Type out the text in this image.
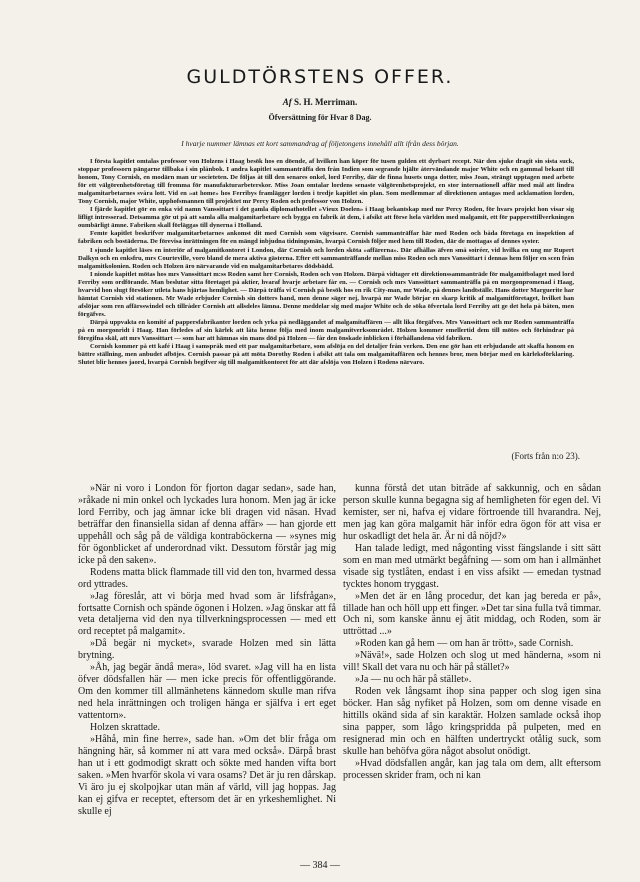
GULDTÖRSTENS OFFER.
Af S. H. Merriman.
Öfversättning för Hvar 8 Dag.
I hvarje nummer lämnas ett kort sammandrag af följetongens innehåll allt ifrån dess början.

I första kapitlet omtalas professor von Holzens i Haag besök hos en döende, af hvilken han köper för tusen gulden ett dyrbart recept. När den sjuke dragit sin sista suck, stoppar professorn pängarne tillbaka i sin plånbok. I andra kapitlet sammanträffa den från Indien som segrande hjälte återvändande major White och en gammal bekant till honom, Tony Cornish, en modärn man ur societeten. De följas åt till den senares onkel, lord Ferriby, där de finna husets unga dotter, miss Joan, strängt upptagen med arbete för ett välgörenhetsföretag till fromma för manufakturarbeterskor. Miss Joan omtalar lordens senaste välgörenhetsprojekt, en stor internationell affär med mål att lindra malgamitarbetarnes svåra lott. Vid en »at home» hos Ferribys framlägger lorden i tredje kapitlet sin plan. Som medlemmar af direktionen antagas med acklamation lorden, Tony Cornish, major White, upphofsmannen till projektet mr Percy Roden och professor von Holzen.

I fjärde kapitlet gör en enka vid namn Vanssittart i det gamla diplomathotellet »Vieux Doelen» i Haag bekantskap med mr Percy Roden, för hvars projekt hon visar sig lifligt intresserad. Detsamma gör ut på att samla alla malgamitarbetare och bygga en fabrik åt dem, i afsikt att förse hela världen med malgamit, ett för pappersttillverkningen oumbärligt ämne. Fabriken skall förläggas till dynerna i Holland.

Femte kapitlet beskrifver malgamitarbetarnes ankomst dit med Cornish som vägvisare. Cornish sammanträffar här med Roden och båda företaga en inspektion af fabriken och bostäderna. De förevisa inrättningen för en mängd inbjudna tidningsmän, hvarpå Cornish följer med hem till Roden, där de mottagas af dennes syster.

I sjunde kapitlet läses en interiör af malgamitkontoret i London, där Cornish och lorden sköta »affärerna». Där afhållas äfven små soiréer, vid hvilka en ung mr Rupert Dalkyn och en enksfru, mrs Courteville, voro bland de mera aktiva gästerna. Efter ett sammanträffande mellan miss Roden och mrs Vanssittart i dennas hem följer en scen från malgamitkolonien. Roden och Holzen äro närvarande vid en malgamitarbetares dödsbädd.

I nionde kapitlet mötas hos mrs Vanssittart m:ss Roden samt hrr Cornish, Roden och von Holzen. Därpå vidtager ett direktionssammanträde för malgamitbolaget med lord Ferriby som ordförande. Man beslutar sitta företaget på aktier, hvaraf hvarje arbetare får en. — Cornish och mrs Vanssittart sammanträffa på en morgonpromenad i Haag, hvarvid hon slugt försöker utleta hans hjärtas hemlighet. — Därpå träffa vi Cornish på besök hos en rik City-man, mr Wade, på dennes landtställe. Hans dotter Marguerite har hämtat Cornish vid stationen. Mr Wade erbjuder Cornish sin dotters hand, men denne säger nej, hvarpå mr Wade börjar en skarp kritik af malgamitföretaget, hvilket han afslöjar som ren affärsswindel och tillråder Cornish att allsdeles lämna. Denne meddelar sig med major White och de söka öfvertala lord Ferriby att ge det hela på båten, men förgäfves.

Därpå uppvakta en komité af pappersfabrikanter lorden och yrka på nedläggandet af malgamitaffären — allt lika förgäfves. Mrs Vanssittart och mr Roden sammanträffa på en morgonridt i Haag. Han förledes af sin kärlek att låta henne följa med inom malgamitverksområdet. Holzen kommer emellertid dem till mötes och förhindrar på föregifna skäl, att mrs Vanssittart — som har att hämnas sin mans död på Holzen — får den önskade inblicken i förhållandena vid fabriken.

Cornish kommer på ett kafé i Haag i samspråk med ett par malgamitarbetare, som afslöja en del detaljer från verken. Den ene gör han ett erbjudande att skaffa honom en bättre ställning, men anbudet afböjes. Cornish passar på att möta Dorothy Roden i afsikt att tala om malgamitaffären och hennes bror, men börjar med en kärleksförklaring. Slutet blir hennes jaord, hvarpå Cornish begifver sig till malgamitkontoret för att där afslöja von Holzen i Rodens närvaro.

(Forts från n:o 23).

»När ni voro i London för fjorton dagar sedan», sade han, »råkade ni min onkel och lyckades lura honom. Men jag är icke lord Ferriby, och jag ämnar icke bli dragen vid näsan. Hvad beträffar den finansiella sidan af denna affär» — han gjorde ett uppehåll och såg på de väldiga kontraböckerna — »synes mig för ögonblicket af underordnad vikt. Dessutom förstår jag mig icke på den saken».

Rodens matta blick flammade till vid den ton, hvarmed dessa ord yttrades.

»Jag föreslår, att vi börja med hvad som är lifsfrågan», fortsatte Cornish och spände ögonen i Holzen. »Jag önskar att få veta detaljerna vid den nya tillverkningsprocessen — med ett ord receptet på malgamit».

»Då begär ni mycket», svarade Holzen med sin lätta brytning.

»Åh, jag begär ändå mera», löd svaret. »Jag vill ha en lista öfver dödsfallen här — men icke precis för offentliggörande. Om den kommer till allmänhetens kännedom skulle man rifva ned hela inrättningen och troligen hänga er själfva i ert eget vattentorn».

Holzen skrattade.

»Håhå, min fine herre», sade han. »Om det blir fråga om hängning här, så kommer ni att vara med också». Därpå brast han ut i ett godmodigt skratt och sökte med handen vifta bort saken. »Men hvarför skola vi vara osams? Det är ju ren dårskap. Vi äro ju ej skolpojkar utan män af värld, vill jag hoppas. Jag kan ej gifva er receptet, eftersom det är en yrkeshemlighet. Ni skulle ej

kunna förstå det utan biträde af sakkunnig, och en sådan person skulle kunna begagna sig af hemligheten för egen del. Vi kemister, ser ni, hafva ej vidare förtroende till hvarandra. Nej, men jag kan göra malgamit här inför edra ögon för att visa er hur oskadligt det hela är. Är ni då nöjd?»

Han talade ledigt, med någonting visst fängslande i sitt sätt som en man med utmärkt begåfning — som om han i allmänhet visade sig tystlåten, endast i en viss afsikt — emedan tystnad tycktes honom tryggast.

»Men det är en lång procedur, det kan jag bereda er på», tillade han och höll upp ett finger. »Det tar sina fulla två timmar. Och ni, som kanske ännu ej ätit middag, och Roden, som är uttröttad ...»

»Roden kan gå hem — om han är trött», sade Cornish.

»Nävä!», sade Holzen och slog ut med händerna, »som ni vill! Skall det vara nu och här på stället?»

»Ja — nu och här på stället».

Roden vek långsamt ihop sina papper och slog igen sina böcker. Han såg nyfiket på Holzen, som om denne visade en hittills okänd sida af sin karaktär. Holzen samlade också ihop sina papper, som lågo kringspridda på pulpeten, med en resignerad min och en hälften undertryckt otålig suck, som skulle han behöfva göra något absolut onödigt.

»Hvad dödsfallen angår, kan jag tala om dem, allt eftersom processen skrider fram, och ni kan

— 384 —
